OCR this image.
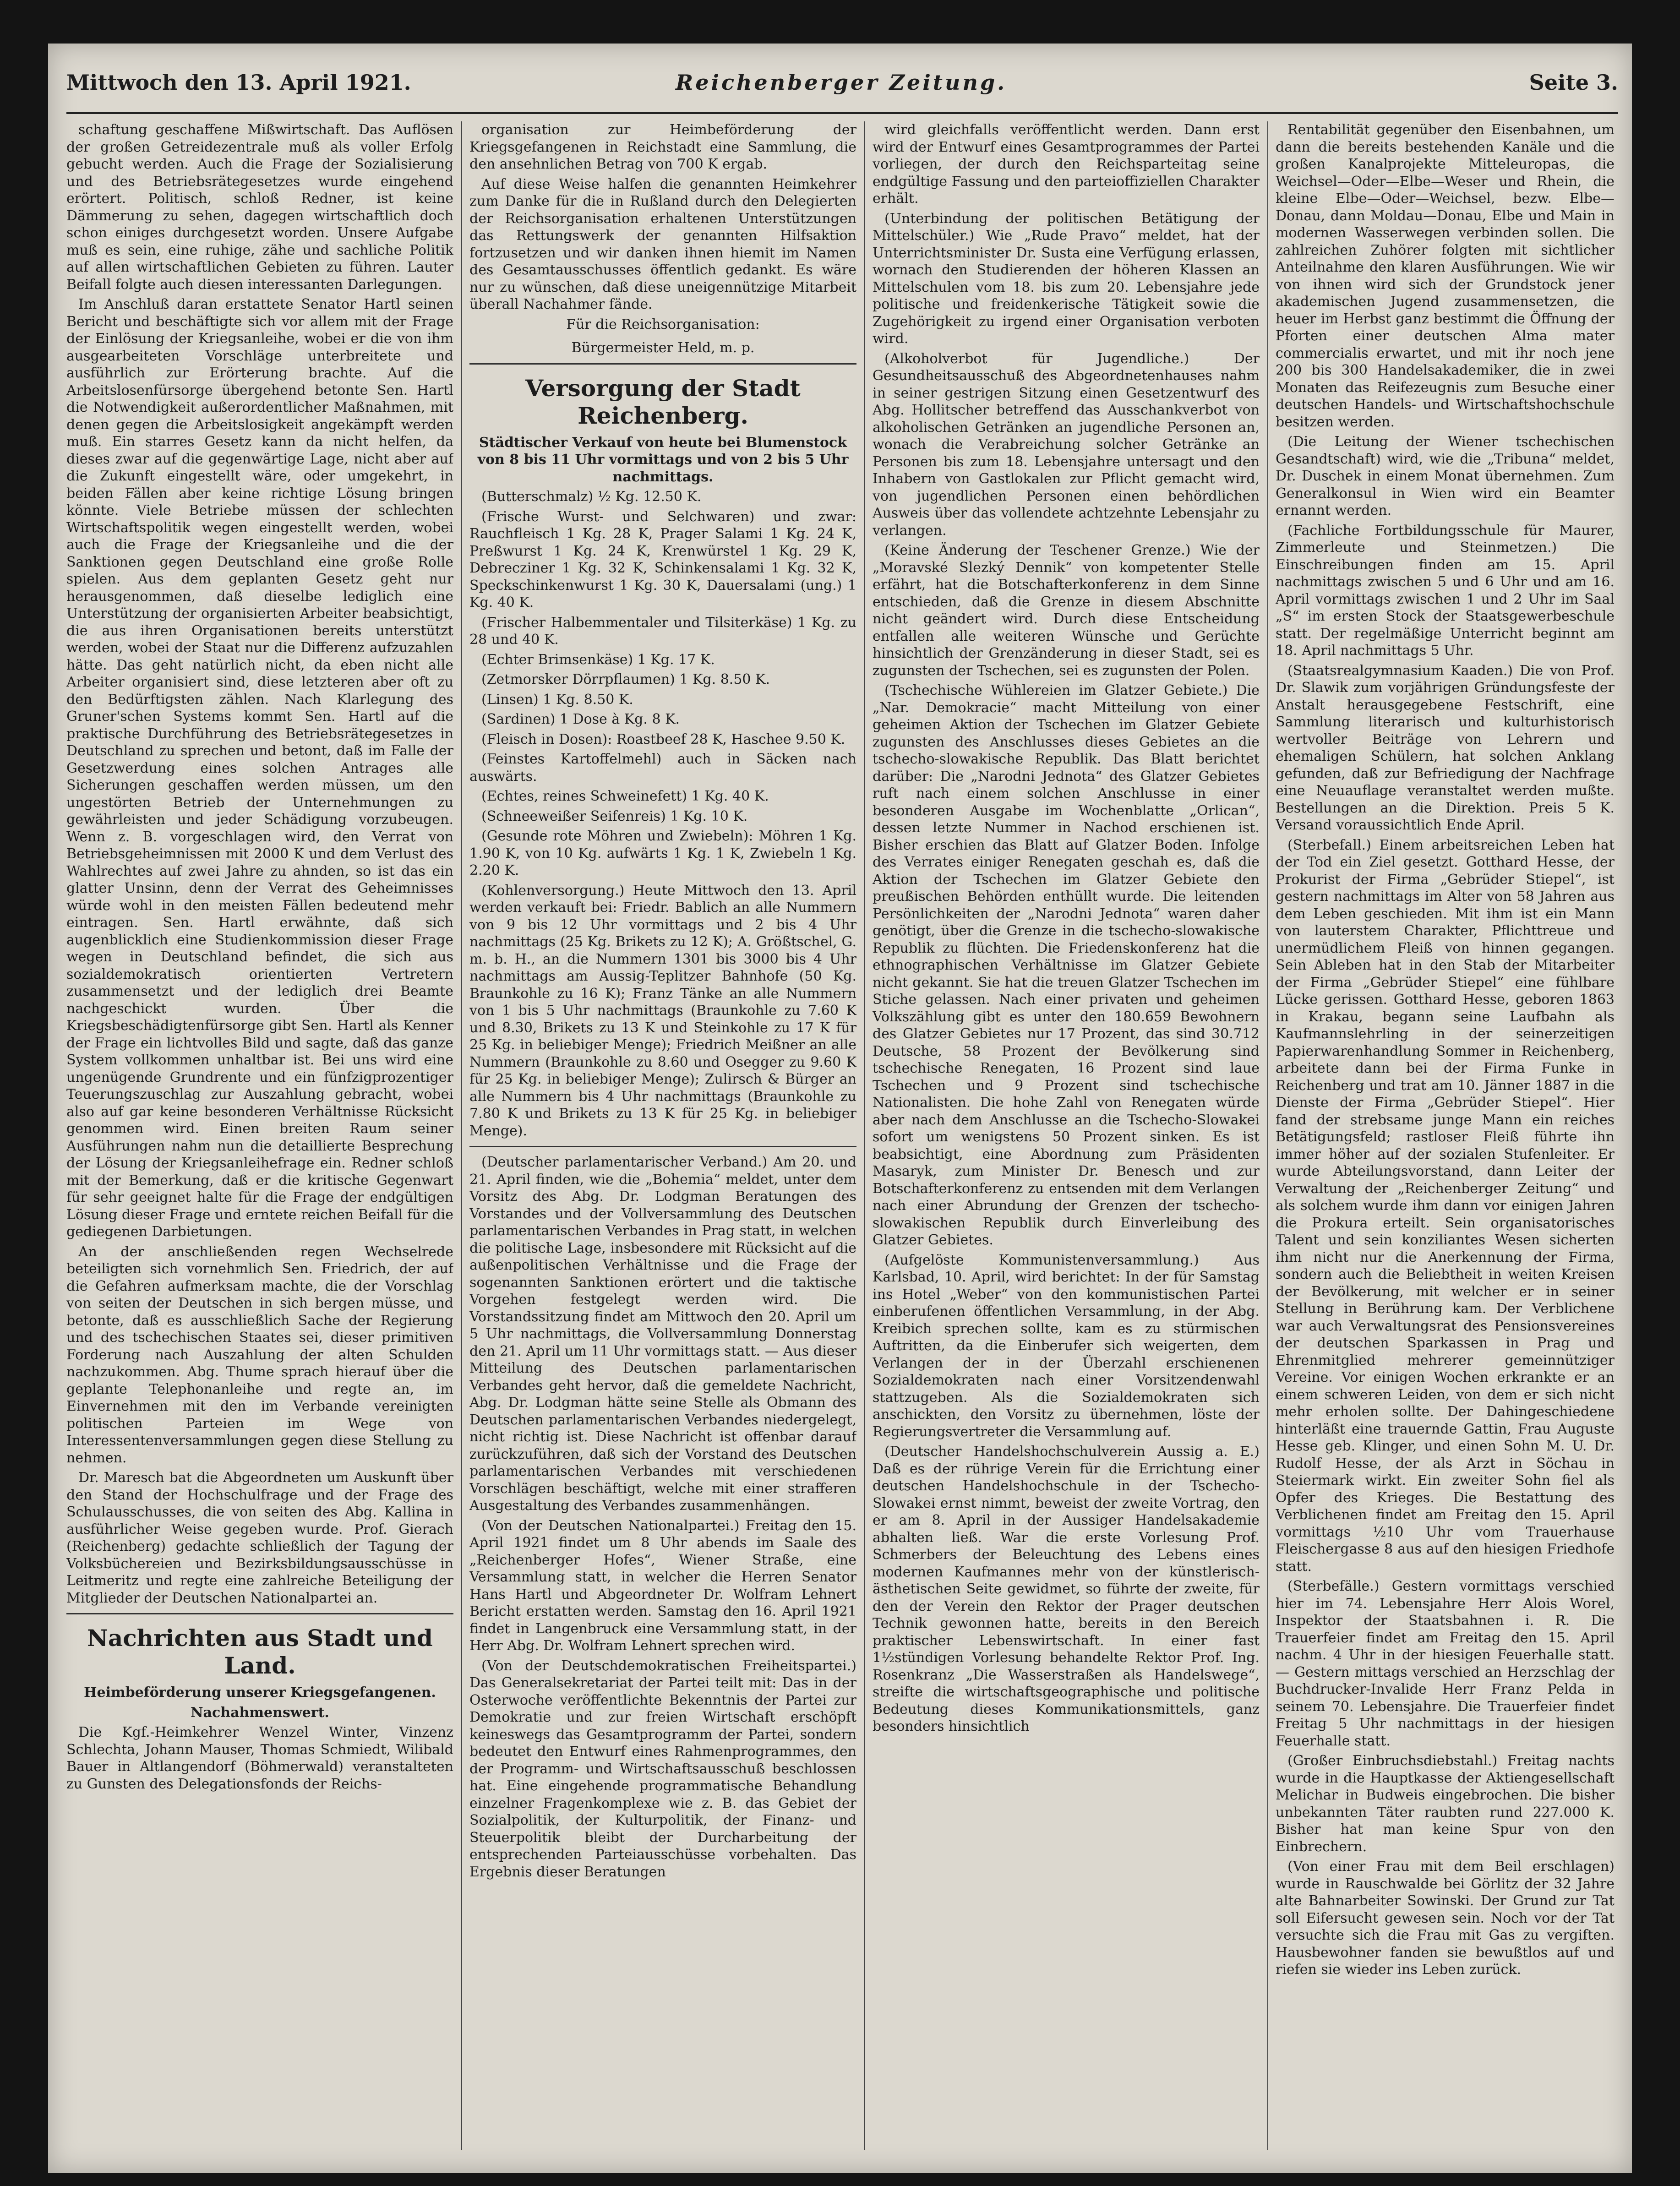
Mittwoch den 13. April 1921.	Reichenberger Zeitung.	Seite 3.

schaftung geschaffene Mißwirtschaft. Das Auflösen der großen Getreidezentrale muß als voller Erfolg gebucht werden. Auch die Frage der Sozialisierung und des Betriebsrätegesetzes wurde eingehend erörtert. Politisch, schloß Redner, ist keine Dämmerung zu sehen, dagegen wirtschaftlich doch schon einiges durchgesetzt worden. Unsere Aufgabe muß es sein, eine ruhige, zähe und sachliche Politik auf allen wirtschaftlichen Gebieten zu führen. Lauter Beifall folgte auch diesen interessanten Darlegungen.

Im Anschluß daran erstattete Senator Hartl seinen Bericht und beschäftigte sich vor allem mit der Frage der Einlösung der Kriegsanleihe, wobei er die von ihm ausgearbeiteten Vorschläge unterbreitete und ausführlich zur Erörterung brachte. Auf die Arbeitslosenfürsorge übergehend betonte Sen. Hartl die Notwendigkeit außerordentlicher Maßnahmen, mit denen gegen die Arbeitslosigkeit angekämpft werden muß. Ein starres Gesetz kann da nicht helfen, da dieses zwar auf die gegenwärtige Lage, nicht aber auf die Zukunft eingestellt wäre, oder umgekehrt, in beiden Fällen aber keine richtige Lösung bringen könnte. Viele Betriebe müssen der schlechten Wirtschaftspolitik wegen eingestellt werden, wobei auch die Frage der Kriegsanleihe und die der Sanktionen gegen Deutschland eine große Rolle spielen. Aus dem geplanten Gesetz geht nur herausgenommen, daß dieselbe lediglich eine Unterstützung der organisierten Arbeiter beabsichtigt, die aus ihren Organisationen bereits unterstützt werden, wobei der Staat nur die Differenz aufzuzahlen hätte. Das geht natürlich nicht, da eben nicht alle Arbeiter organisiert sind, diese letzteren aber oft zu den Bedürftigsten zählen. Nach Klarlegung des Gruner'schen Systems kommt Sen. Hartl auf die praktische Durchführung des Betriebsrätegesetzes in Deutschland zu sprechen und betont, daß im Falle der Gesetzwerdung eines solchen Antrages alle Sicherungen geschaffen werden müssen, um den ungestörten Betrieb der Unternehmungen zu gewährleisten und jeder Schädigung vorzubeugen. Wenn z. B. vorgeschlagen wird, den Verrat von Betriebsgeheimnissen mit 2000 K und dem Verlust des Wahlrechtes auf zwei Jahre zu ahnden, so ist das ein glatter Unsinn, denn der Verrat des Geheimnisses würde wohl in den meisten Fällen bedeutend mehr eintragen. Sen. Hartl erwähnte, daß sich augenblicklich eine Studienkommission dieser Frage wegen in Deutschland befindet, die sich aus sozialdemokratisch orientierten Vertretern zusammensetzt und der lediglich drei Beamte nachgeschickt wurden. Über die Kriegsbeschädigtenfürsorge gibt Sen. Hartl als Kenner der Frage ein lichtvolles Bild und sagte, daß das ganze System vollkommen unhaltbar ist. Bei uns wird eine ungenügende Grundrente und ein fünfzigprozentiger Teuerungszuschlag zur Auszahlung gebracht, wobei also auf gar keine besonderen Verhältnisse Rücksicht genommen wird. Einen breiten Raum seiner Ausführungen nahm nun die detaillierte Besprechung der Lösung der Kriegsanleihefrage ein. Redner schloß mit der Bemerkung, daß er die kritische Gegenwart für sehr geeignet halte für die Frage der endgültigen Lösung dieser Frage und erntete reichen Beifall für die gediegenen Darbietungen.

An der anschließenden regen Wechselrede beteiligten sich vornehmlich Sen. Friedrich, der auf die Gefahren aufmerksam machte, die der Vorschlag von seiten der Deutschen in sich bergen müsse, und betonte, daß es ausschließlich Sache der Regierung und des tschechischen Staates sei, dieser primitiven Forderung nach Auszahlung der alten Schulden nachzukommen. Abg. Thume sprach hierauf über die geplante Telephonanleihe und regte an, im Einvernehmen mit den im Verbande vereinigten politischen Parteien im Wege von Interessentenversammlungen gegen diese Stellung zu nehmen.

Dr. Maresch bat die Abgeordneten um Auskunft über den Stand der Hochschulfrage und der Frage des Schulausschusses, die von seiten des Abg. Kallina in ausführlicher Weise gegeben wurde. Prof. Gierach (Reichenberg) gedachte schließlich der Tagung der Volksbüchereien und Bezirksbildungsausschüsse in Leitmeritz und regte eine zahlreiche Beteiligung der Mitglieder der Deutschen Nationalpartei an.

Nachrichten aus Stadt und Land.
Heimbeförderung unserer Kriegsgefangenen.
Nachahmenswert.

Die Kgf.-Heimkehrer Wenzel Winter, Vinzenz Schlechta, Johann Mauser, Thomas Schmiedt, Wilibald Bauer in Altlangendorf (Böhmerwald) veranstalteten zu Gunsten des Delegationsfonds der Reichs-

organisation zur Heimbeförderung der Kriegsgefangenen in Reichstadt eine Sammlung, die den ansehnlichen Betrag von 700 K ergab.

Auf diese Weise halfen die genannten Heimkehrer zum Danke für die in Rußland durch den Delegierten der Reichsorganisation erhaltenen Unterstützungen das Rettungswerk der genannten Hilfsaktion fortzusetzen und wir danken ihnen hiemit im Namen des Gesamtausschusses öffentlich gedankt. Es wäre nur zu wünschen, daß diese uneigennützige Mitarbeit überall Nachahmer fände.

Für die Reichsorganisation:
Bürgermeister Held, m. p.
Versorgung der Stadt Reichenberg.
Städtischer Verkauf von heute bei Blumenstock von 8 bis 11 Uhr vormittags und von 2 bis 5 Uhr nachmittags.

(Butterschmalz) ½ Kg. 12.50 K.

(Frische Wurst- und Selchwaren) und zwar: Rauchfleisch 1 Kg. 28 K, Prager Salami 1 Kg. 24 K, Preßwurst 1 Kg. 24 K, Krenwürstel 1 Kg. 29 K, Debrecziner 1 Kg. 32 K, Schinkensalami 1 Kg. 32 K, Speckschinkenwurst 1 Kg. 30 K, Dauersalami (ung.) 1 Kg. 40 K.

(Frischer Halbemmentaler und Tilsiterkäse) 1 Kg. zu 28 und 40 K.

(Echter Brimsenkäse) 1 Kg. 17 K.

(Zetmorsker Dörrpflaumen) 1 Kg. 8.50 K.

(Linsen) 1 Kg. 8.50 K.

(Sardinen) 1 Dose à Kg. 8 K.

(Fleisch in Dosen): Roastbeef 28 K, Haschee 9.50 K.

(Feinstes Kartoffelmehl) auch in Säcken nach auswärts.

(Echtes, reines Schweinefett) 1 Kg. 40 K.

(Schneeweißer Seifenreis) 1 Kg. 10 K.

(Gesunde rote Möhren und Zwiebeln): Möhren 1 Kg. 1.90 K, von 10 Kg. aufwärts 1 Kg. 1 K, Zwiebeln 1 Kg. 2.20 K.

(Kohlenversorgung.) Heute Mittwoch den 13. April werden verkauft bei: Friedr. Bablich an alle Nummern von 9 bis 12 Uhr vormittags und 2 bis 4 Uhr nachmittags (25 Kg. Brikets zu 12 K); A. Größtschel, G. m. b. H., an die Nummern 1301 bis 3000 bis 4 Uhr nachmittags am Aussig-Teplitzer Bahnhofe (50 Kg. Braunkohle zu 16 K); Franz Tänke an alle Nummern von 1 bis 5 Uhr nachmittags (Braunkohle zu 7.60 K und 8.30, Brikets zu 13 K und Steinkohle zu 17 K für 25 Kg. in beliebiger Menge); Friedrich Meißner an alle Nummern (Braunkohle zu 8.60 und Osegger zu 9.60 K für 25 Kg. in beliebiger Menge); Zulirsch & Bürger an alle Nummern bis 4 Uhr nachmittags (Braunkohle zu 7.80 K und Brikets zu 13 K für 25 Kg. in beliebiger Menge).

(Deutscher parlamentarischer Verband.) Am 20. und 21. April finden, wie die „Bohemia“ meldet, unter dem Vorsitz des Abg. Dr. Lodgman Beratungen des Vorstandes und der Vollversammlung des Deutschen parlamentarischen Verbandes in Prag statt, in welchen die politische Lage, insbesondere mit Rücksicht auf die außenpolitischen Verhältnisse und die Frage der sogenannten Sanktionen erörtert und die taktische Vorgehen festgelegt werden wird. Die Vorstandssitzung findet am Mittwoch den 20. April um 5 Uhr nachmittags, die Vollversammlung Donnerstag den 21. April um 11 Uhr vormittags statt. — Aus dieser Mitteilung des Deutschen parlamentarischen Verbandes geht hervor, daß die gemeldete Nachricht, Abg. Dr. Lodgman hätte seine Stelle als Obmann des Deutschen parlamentarischen Verbandes niedergelegt, nicht richtig ist. Diese Nachricht ist offenbar darauf zurückzuführen, daß sich der Vorstand des Deutschen parlamentarischen Verbandes mit verschiedenen Vorschlägen beschäftigt, welche mit einer strafferen Ausgestaltung des Verbandes zusammenhängen.

(Von der Deutschen Nationalpartei.) Freitag den 15. April 1921 findet um 8 Uhr abends im Saale des „Reichenberger Hofes“, Wiener Straße, eine Versammlung statt, in welcher die Herren Senator Hans Hartl und Abgeordneter Dr. Wolfram Lehnert Bericht erstatten werden. Samstag den 16. April 1921 findet in Langenbruck eine Versammlung statt, in der Herr Abg. Dr. Wolfram Lehnert sprechen wird.

(Von der Deutschdemokratischen Freiheitspartei.) Das Generalsekretariat der Partei teilt mit: Das in der Osterwoche veröffentlichte Bekenntnis der Partei zur Demokratie und zur freien Wirtschaft erschöpft keineswegs das Gesamtprogramm der Partei, sondern bedeutet den Entwurf eines Rahmenprogrammes, den der Programm- und Wirtschaftsausschuß beschlossen hat. Eine eingehende programmatische Behandlung einzelner Fragenkomplexe wie z. B. das Gebiet der Sozialpolitik, der Kulturpolitik, der Finanz- und Steuerpolitik bleibt der Durcharbeitung der entsprechenden Parteiausschüsse vorbehalten. Das Ergebnis dieser Beratungen

wird gleichfalls veröffentlicht werden. Dann erst wird der Entwurf eines Gesamtprogrammes der Partei vorliegen, der durch den Reichsparteitag seine endgültige Fassung und den parteioffiziellen Charakter erhält.

(Unterbindung der politischen Betätigung der Mittelschüler.) Wie „Rude Pravo“ meldet, hat der Unterrichtsminister Dr. Susta eine Verfügung erlassen, wornach den Studierenden der höheren Klassen an Mittelschulen vom 18. bis zum 20. Lebensjahre jede politische und freidenkerische Tätigkeit sowie die Zugehörigkeit zu irgend einer Organisation verboten wird.

(Alkoholverbot für Jugendliche.) Der Gesundheitsausschuß des Abgeordnetenhauses nahm in seiner gestrigen Sitzung einen Gesetzentwurf des Abg. Hollitscher betreffend das Ausschankverbot von alkoholischen Getränken an jugendliche Personen an, wonach die Verabreichung solcher Getränke an Personen bis zum 18. Lebensjahre untersagt und den Inhabern von Gastlokalen zur Pflicht gemacht wird, von jugendlichen Personen einen behördlichen Ausweis über das vollendete achtzehnte Lebensjahr zu verlangen.

(Keine Änderung der Teschener Grenze.) Wie der „Moravské Slezký Dennik“ von kompetenter Stelle erfährt, hat die Botschafterkonferenz in dem Sinne entschieden, daß die Grenze in diesem Abschnitte nicht geändert wird. Durch diese Entscheidung entfallen alle weiteren Wünsche und Gerüchte hinsichtlich der Grenzänderung in dieser Stadt, sei es zugunsten der Tschechen, sei es zugunsten der Polen.

(Tschechische Wühlereien im Glatzer Gebiete.) Die „Nar. Demokracie“ macht Mitteilung von einer geheimen Aktion der Tschechen im Glatzer Gebiete zugunsten des Anschlusses dieses Gebietes an die tschecho-slowakische Republik. Das Blatt berichtet darüber: Die „Narodni Jednota“ des Glatzer Gebietes ruft nach einem solchen Anschlusse in einer besonderen Ausgabe im Wochenblatte „Orlican“, dessen letzte Nummer in Nachod erschienen ist. Bisher erschien das Blatt auf Glatzer Boden. Infolge des Verrates einiger Renegaten geschah es, daß die Aktion der Tschechen im Glatzer Gebiete den preußischen Behörden enthüllt wurde. Die leitenden Persönlichkeiten der „Narodni Jednota“ waren daher genötigt, über die Grenze in die tschecho-slowakische Republik zu flüchten. Die Friedenskonferenz hat die ethnographischen Verhältnisse im Glatzer Gebiete nicht gekannt. Sie hat die treuen Glatzer Tschechen im Stiche gelassen. Nach einer privaten und geheimen Volkszählung gibt es unter den 180.659 Bewohnern des Glatzer Gebietes nur 17 Prozent, das sind 30.712 Deutsche, 58 Prozent der Bevölkerung sind tschechische Renegaten, 16 Prozent sind laue Tschechen und 9 Prozent sind tschechische Nationalisten. Die hohe Zahl von Renegaten würde aber nach dem Anschlusse an die Tschecho-Slowakei sofort um wenigstens 50 Prozent sinken. Es ist beabsichtigt, eine Abordnung zum Präsidenten Masaryk, zum Minister Dr. Benesch und zur Botschafterkonferenz zu entsenden mit dem Verlangen nach einer Abrundung der Grenzen der tschecho-slowakischen Republik durch Einverleibung des Glatzer Gebietes.

(Aufgelöste Kommunistenversammlung.) Aus Karlsbad, 10. April, wird berichtet: In der für Samstag ins Hotel „Weber“ von den kommunistischen Partei einberufenen öffentlichen Versammlung, in der Abg. Kreibich sprechen sollte, kam es zu stürmischen Auftritten, da die Einberufer sich weigerten, dem Verlangen der in der Überzahl erschienenen Sozialdemokraten nach einer Vorsitzendenwahl stattzugeben. Als die Sozialdemokraten sich anschickten, den Vorsitz zu übernehmen, löste der Regierungsvertreter die Versammlung auf.

(Deutscher Handelshochschulverein Aussig a. E.) Daß es der rührige Verein für die Errichtung einer deutschen Handelshochschule in der Tschecho-Slowakei ernst nimmt, beweist der zweite Vortrag, den er am 8. April in der Aussiger Handelsakademie abhalten ließ. War die erste Vorlesung Prof. Schmerbers der Beleuchtung des Lebens eines modernen Kaufmannes mehr von der künstlerisch-ästhetischen Seite gewidmet, so führte der zweite, für den der Verein den Rektor der Prager deutschen Technik gewonnen hatte, bereits in den Bereich praktischer Lebenswirtschaft. In einer fast 1½stündigen Vorlesung behandelte Rektor Prof. Ing. Rosenkranz „Die Wasserstraßen als Handelswege“, streifte die wirtschaftsgeographische und politische Bedeutung dieses Kommunikationsmittels, ganz besonders hinsichtlich

Rentabilität gegenüber den Eisenbahnen, um dann die bereits bestehenden Kanäle und die großen Kanalprojekte Mitteleuropas, die Weichsel—Oder—Elbe—Weser und Rhein, die kleine Elbe—Oder—Weichsel, bezw. Elbe—Donau, dann Moldau—Donau, Elbe und Main in modernen Wasserwegen verbinden sollen. Die zahlreichen Zuhörer folgten mit sichtlicher Anteilnahme den klaren Ausführungen. Wie wir von ihnen wird sich der Grundstock jener akademischen Jugend zusammensetzen, die heuer im Herbst ganz bestimmt die Öffnung der Pforten einer deutschen Alma mater commercialis erwartet, und mit ihr noch jene 200 bis 300 Handelsakademiker, die in zwei Monaten das Reifezeugnis zum Besuche einer deutschen Handels- und Wirtschaftshochschule besitzen werden.

(Die Leitung der Wiener tschechischen Gesandtschaft) wird, wie die „Tribuna“ meldet, Dr. Duschek in einem Monat übernehmen. Zum Generalkonsul in Wien wird ein Beamter ernannt werden.

(Fachliche Fortbildungsschule für Maurer, Zimmerleute und Steinmetzen.) Die Einschreibungen finden am 15. April nachmittags zwischen 5 und 6 Uhr und am 16. April vormittags zwischen 1 und 2 Uhr im Saal „S“ im ersten Stock der Staatsgewerbeschule statt. Der regelmäßige Unterricht beginnt am 18. April nachmittags 5 Uhr.

(Staatsrealgymnasium Kaaden.) Die von Prof. Dr. Slawik zum vorjährigen Gründungsfeste der Anstalt herausgegebene Festschrift, eine Sammlung literarisch und kulturhistorisch wertvoller Beiträge von Lehrern und ehemaligen Schülern, hat solchen Anklang gefunden, daß zur Befriedigung der Nachfrage eine Neuauflage veranstaltet werden mußte. Bestellungen an die Direktion. Preis 5 K. Versand voraussichtlich Ende April.

(Sterbefall.) Einem arbeitsreichen Leben hat der Tod ein Ziel gesetzt. Gotthard Hesse, der Prokurist der Firma „Gebrüder Stiepel“, ist gestern nachmittags im Alter von 58 Jahren aus dem Leben geschieden. Mit ihm ist ein Mann von lauterstem Charakter, Pflichttreue und unermüdlichem Fleiß von hinnen gegangen. Sein Ableben hat in den Stab der Mitarbeiter der Firma „Gebrüder Stiepel“ eine fühlbare Lücke gerissen. Gotthard Hesse, geboren 1863 in Krakau, begann seine Laufbahn als Kaufmannslehrling in der seinerzeitigen Papierwarenhandlung Sommer in Reichenberg, arbeitete dann bei der Firma Funke in Reichenberg und trat am 10. Jänner 1887 in die Dienste der Firma „Gebrüder Stiepel“. Hier fand der strebsame junge Mann ein reiches Betätigungsfeld; rastloser Fleiß führte ihn immer höher auf der sozialen Stufenleiter. Er wurde Abteilungsvorstand, dann Leiter der Verwaltung der „Reichenberger Zeitung“ und als solchem wurde ihm dann vor einigen Jahren die Prokura erteilt. Sein organisatorisches Talent und sein konziliantes Wesen sicherten ihm nicht nur die Anerkennung der Firma, sondern auch die Beliebtheit in weiten Kreisen der Bevölkerung, mit welcher er in seiner Stellung in Berührung kam. Der Verblichene war auch Verwaltungsrat des Pensionsvereines der deutschen Sparkassen in Prag und Ehrenmitglied mehrerer gemeinnütziger Vereine. Vor einigen Wochen erkrankte er an einem schweren Leiden, von dem er sich nicht mehr erholen sollte. Der Dahingeschiedene hinterläßt eine trauernde Gattin, Frau Auguste Hesse geb. Klinger, und einen Sohn M. U. Dr. Rudolf Hesse, der als Arzt in Söchau in Steiermark wirkt. Ein zweiter Sohn fiel als Opfer des Krieges. Die Bestattung des Verblichenen findet am Freitag den 15. April vormittags ½10 Uhr vom Trauerhause Fleischergasse 8 aus auf den hiesigen Friedhofe statt.

(Sterbefälle.) Gestern vormittags verschied hier im 74. Lebensjahre Herr Alois Worel, Inspektor der Staatsbahnen i. R. Die Trauerfeier findet am Freitag den 15. April nachm. 4 Uhr in der hiesigen Feuerhalle statt. — Gestern mittags verschied an Herzschlag der Buchdrucker-Invalide Herr Franz Pelda in seinem 70. Lebensjahre. Die Trauerfeier findet Freitag 5 Uhr nachmittags in der hiesigen Feuerhalle statt.

(Großer Einbruchsdiebstahl.) Freitag nachts wurde in die Hauptkasse der Aktiengesellschaft Melichar in Budweis eingebrochen. Die bisher unbekannten Täter raubten rund 227.000 K. Bisher hat man keine Spur von den Einbrechern.

(Von einer Frau mit dem Beil erschlagen) wurde in Rauschwalde bei Görlitz der 32 Jahre alte Bahnarbeiter Sowinski. Der Grund zur Tat soll Eifersucht gewesen sein. Noch vor der Tat versuchte sich die Frau mit Gas zu vergiften. Hausbewohner fanden sie bewußtlos auf und riefen sie wieder ins Leben zurück.
